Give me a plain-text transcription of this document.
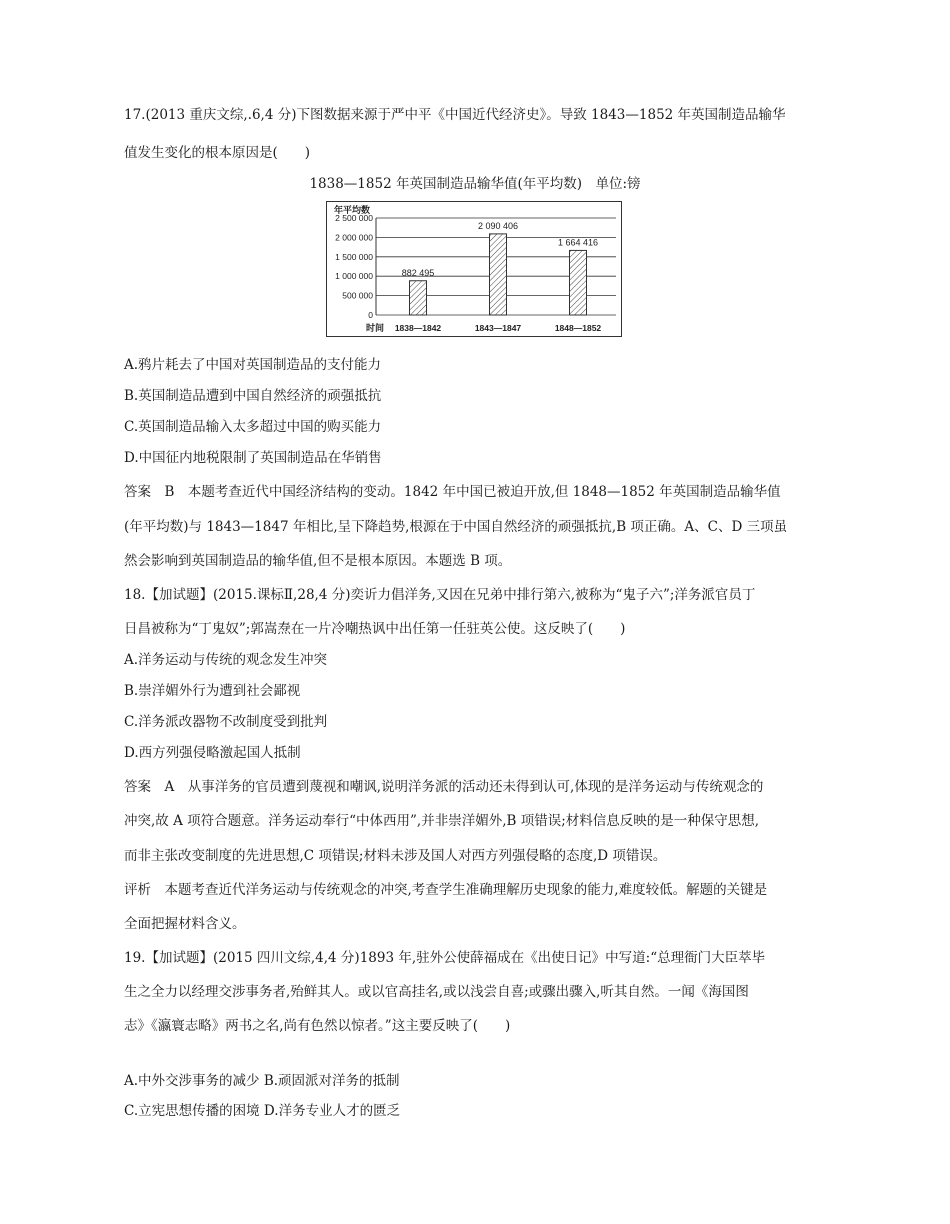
17.(2013 重庆文综,.6,4 分)下图数据来源于严中平《中国近代经济史》。导致 1843—1852 年英国制造品输华
值发生变化的根本原因是(　　)
1838—1852 年英国制造品输华值(年平均数)　单位:镑
年平均数
0
500 000
1 000 000
1 500 000
2 000 000
2 500 000
882 495
2 090 406
1 664 416
1838—1842	1843—1847	1848—1852
时间
A.鸦片耗去了中国对英国制造品的支付能力
B.英国制造品遭到中国自然经济的顽强抵抗
C.英国制造品输入太多超过中国的购买能力
D.中国征内地税限制了英国制造品在华销售
答案　B　本题考查近代中国经济结构的变动。1842 年中国已被迫开放,但 1848—1852 年英国制造品输华值
(年平均数)与 1843—1847 年相比,呈下降趋势,根源在于中国自然经济的顽强抵抗,B 项正确。A、C、D 三项虽
然会影响到英国制造品的输华值,但不是根本原因。本题选 B 项。
18.【加试题】(2015.课标Ⅱ,28,4 分)奕䜣力倡洋务,又因在兄弟中排行第六,被称为“鬼子六”;洋务派官员丁
日昌被称为“丁鬼奴”;郭嵩焘在一片冷嘲热讽中出任第一任驻英公使。这反映了(　　)
A.洋务运动与传统的观念发生冲突
B.崇洋媚外行为遭到社会鄙视
C.洋务派改器物不改制度受到批判
D.西方列强侵略激起国人抵制
答案　A　从事洋务的官员遭到蔑视和嘲讽,说明洋务派的活动还未得到认可,体现的是洋务运动与传统观念的
冲突,故 A 项符合题意。洋务运动奉行“中体西用”,并非崇洋媚外,B 项错误;材料信息反映的是一种保守思想,
而非主张改变制度的先进思想,C 项错误;材料未涉及国人对西方列强侵略的态度,D 项错误。
评析　本题考查近代洋务运动与传统观念的冲突,考查学生准确理解历史现象的能力,难度较低。解题的关键是
全面把握材料含义。
19.【加试题】(2015 四川文综,4,4 分)1893 年,驻外公使薛福成在《出使日记》中写道:“总理衙门大臣萃毕
生之全力以经理交涉事务者,殆鲜其人。或以官高挂名,或以浅尝自喜;或骤出骤入,听其自然。一闻《海国图
志》《瀛寰志略》两书之名,尚有色然以惊者。”这主要反映了(　　)
A.中外交涉事务的减少 B.顽固派对洋务的抵制
C.立宪思想传播的困境 D.洋务专业人才的匮乏
